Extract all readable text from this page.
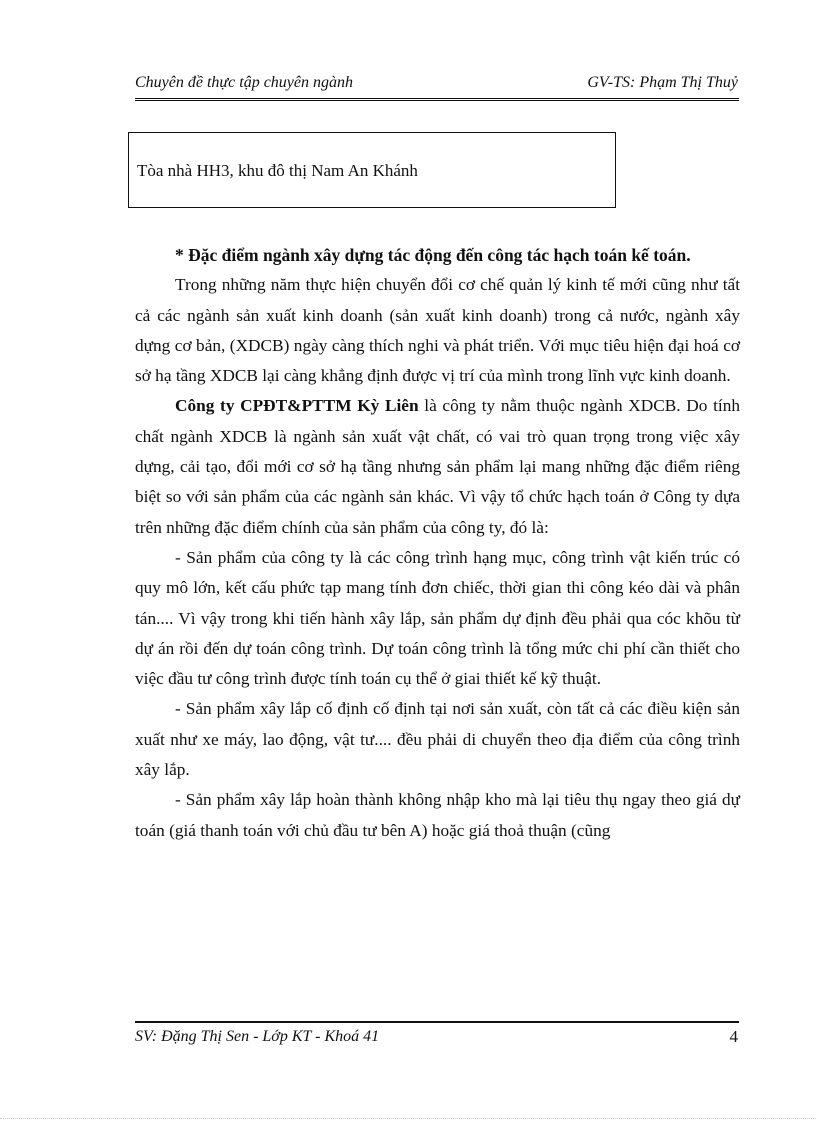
Chuyên đề thực tập chuyên ngành	GV-TS: Phạm Thị Thuỷ
Tòa nhà HH3, khu đô thị Nam An Khánh

* Đặc điểm ngành xây dựng tác động đến công tác hạch toán kế toán.

Trong những năm thực hiện chuyển đổi cơ chế quản lý kinh tế mới cũng như tất cả các ngành sản xuất kinh doanh (sản xuất kinh doanh) trong cả nước, ngành xây dựng cơ bản, (XDCB) ngày càng thích nghi và phát triển. Với mục tiêu hiện đại hoá cơ sở hạ tầng XDCB lại càng khẳng định được vị trí của mình trong lĩnh vực kinh doanh.

Công ty CPĐT&PTTM Kỳ Liên là công ty nằm thuộc ngành XDCB. Do tính chất ngành XDCB là ngành sản xuất vật chất, có vai trò quan trọng trong việc xây dựng, cải tạo, đổi mới cơ sở hạ tầng nhưng sản phẩm lại mang những đặc điểm riêng biệt so với sản phẩm của các ngành sản khác. Vì vậy tổ chức hạch toán ở Công ty dựa trên những đặc điểm chính của sản phẩm của công ty, đó là:

- Sản phẩm của công ty là các công trình hạng mục, công trình vật kiến trúc có quy mô lớn, kết cấu phức tạp mang tính đơn chiếc, thời gian thi công kéo dài và phân tán.... Vì vậy trong khi tiến hành xây lắp, sản phẩm dự định đều phải qua cóc khõu từ dự án rồi đến dự toán công trình. Dự toán công trình là tổng mức chi phí cần thiết cho việc đầu tư công trình được tính toán cụ thể ở giai thiết kế kỹ thuật.

- Sản phẩm xây lắp cố định cố định tại nơi sản xuất, còn tất cả các điều kiện sản xuất như xe máy, lao động, vật tư.... đều phải di chuyển theo địa điểm của công trình xây lắp.

- Sản phẩm xây lắp hoàn thành không nhập kho mà lại tiêu thụ ngay theo giá dự toán (giá thanh toán với chủ đầu tư bên A) hoặc giá thoả thuận (cũng

SV: Đặng Thị Sen - Lớp KT - Khoá 41	4
